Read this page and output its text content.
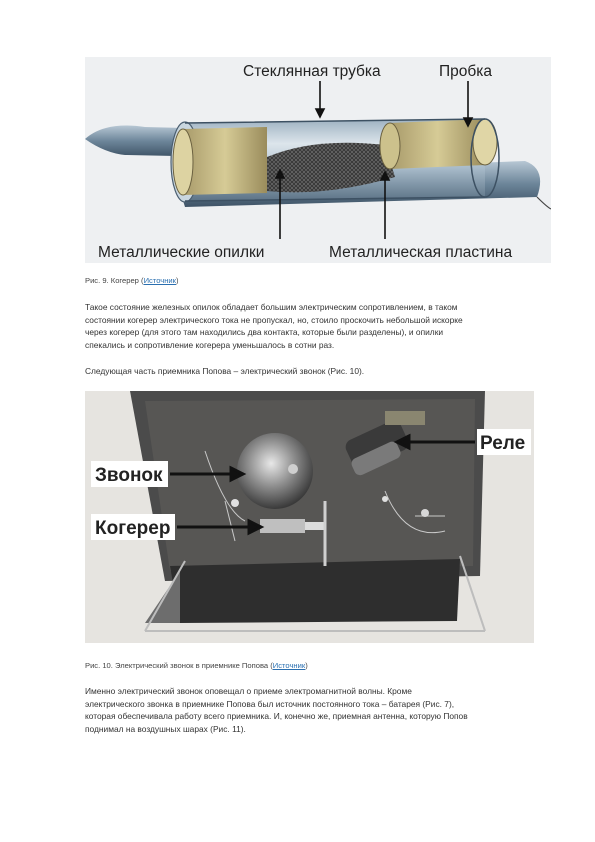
Стеклянная трубка	Пробка
Металлические опилки	Металлическая пластина
Рис. 9. Когерер (Источник)
Такое состояние железных опилок обладает большим электрическим сопротивлением, в таком
состоянии когерер электрического тока не пропускал, но, стоило проскочить небольшой искорке
через когерер (для этого там находились два контакта, которые были разделены), и опилки
спекались и сопротивление когерера уменьшалось в сотни раз.
Следующая часть приемника Попова – электрический звонок (Рис. 10).
Звонок
Когерер
Реле
Рис. 10. Электрический звонок в приемнике Попова (Источник)
Именно электрический звонок оповещал о приеме электромагнитной волны. Кроме
электрического звонка в приемнике Попова был источник постоянного тока – батарея (Рис. 7),
которая обеспечивала работу всего приемника. И, конечно же, приемная антенна, которую Попов
поднимал на воздушных шарах (Рис. 11).
